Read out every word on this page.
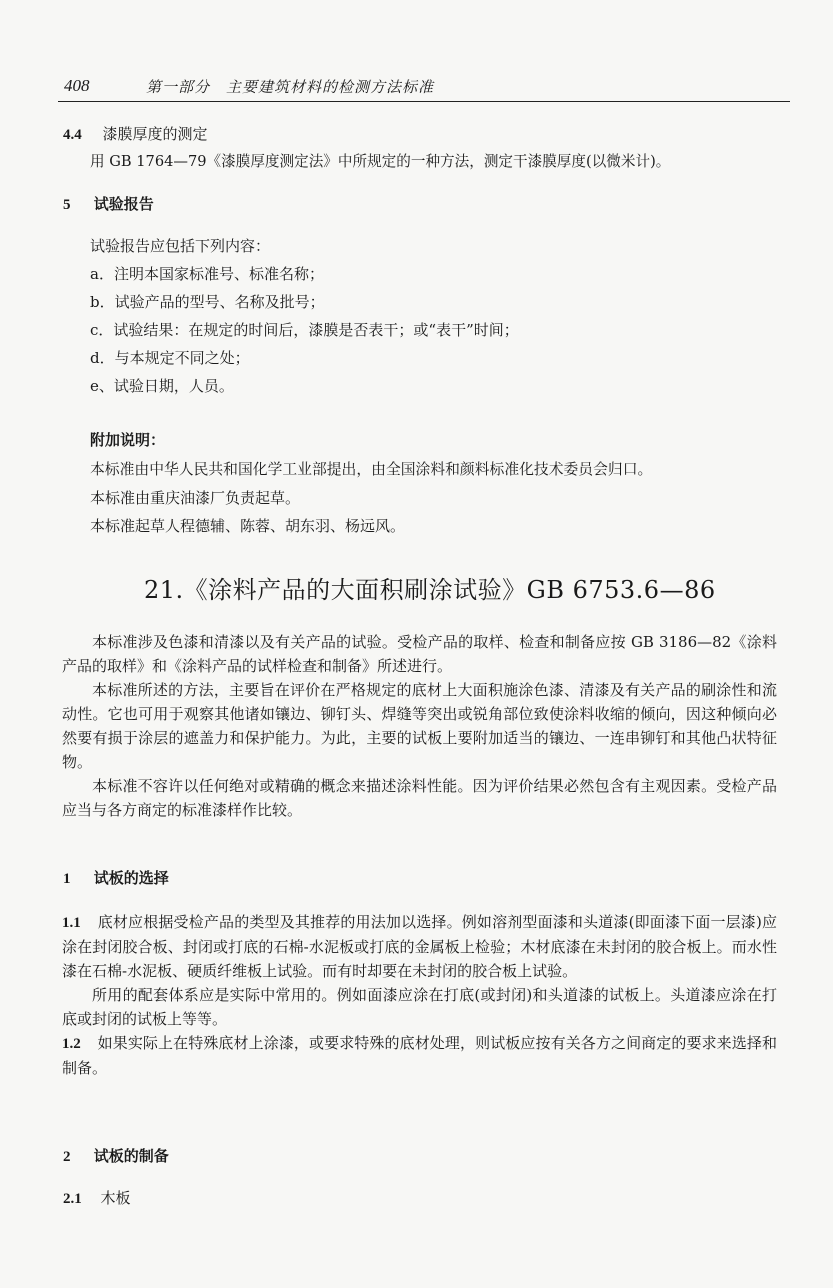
408	第一部分　主要建筑材料的检测方法标准
4.4 漆膜厚度的测定
用 GB 1764—79《漆膜厚度测定法》中所规定的一种方法，测定干漆膜厚度(以微米计)。
5 试验报告
试验报告应包括下列内容：
a．注明本国家标准号、标准名称；
b．试验产品的型号、名称及批号；
c．试验结果：在规定的时间后，漆膜是否表干；或“表干”时间；
d．与本规定不同之处；
e、试验日期，人员。
附加说明：
本标准由中华人民共和国化学工业部提出，由全国涂料和颜料标准化技术委员会归口。
本标准由重庆油漆厂负责起草。
本标准起草人程德辅、陈蓉、胡东羽、杨远风。
21.《涂料产品的大面积刷涂试验》GB 6753.6—86

本标准涉及色漆和清漆以及有关产品的试验。受检产品的取样、检查和制备应按 GB 3186—82《涂料产品的取样》和《涂料产品的试样检查和制备》所述进行。

本标准所述的方法，主要旨在评价在严格规定的底材上大面积施涂色漆、清漆及有关产品的刷涂性和流动性。它也可用于观察其他诸如镶边、铆钉头、焊缝等突出或锐角部位致使涂料收缩的倾向，因这种倾向必然要有损于涂层的遮盖力和保护能力。为此，主要的试板上要附加适当的镶边、一连串铆钉和其他凸状特征物。

本标准不容许以任何绝对或精确的概念来描述涂料性能。因为评价结果必然包含有主观因素。受检产品应当与各方商定的标准漆样作比较。

1 试板的选择

1.1 底材应根据受检产品的类型及其推荐的用法加以选择。例如溶剂型面漆和头道漆(即面漆下面一层漆)应涂在封闭胶合板、封闭或打底的石棉-水泥板或打底的金属板上检验；木材底漆在未封闭的胶合板上。而水性漆在石棉-水泥板、硬质纤维板上试验。而有时却要在未封闭的胶合板上试验。

所用的配套体系应是实际中常用的。例如面漆应涂在打底(或封闭)和头道漆的试板上。头道漆应涂在打底或封闭的试板上等等。

1.2 如果实际上在特殊底材上涂漆，或要求特殊的底材处理，则试板应按有关各方之间商定的要求来选择和制备。

2 试板的制备
2.1 木板
